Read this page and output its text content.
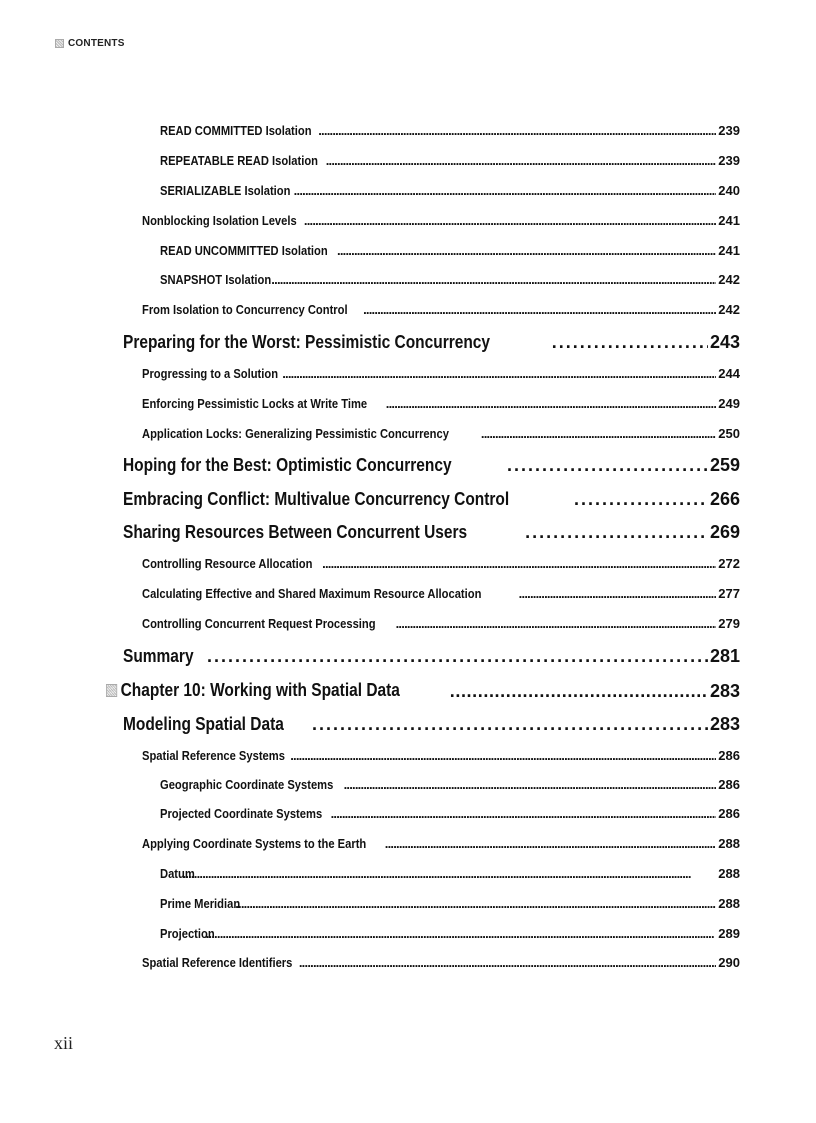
CONTENTS
READ COMMITTED Isolation . . .	239
REPEATABLE READ Isolation . . .	239
SERIALIZABLE Isolation . . .	240
Nonblocking Isolation Levels . . .	241
READ UNCOMMITTED Isolation . . .	241
SNAPSHOT Isolation . . .	242
From Isolation to Concurrency Control . . .	242
Preparing for the Worst: Pessimistic Concurrency . . .	243
Progressing to a Solution . . .	244
Enforcing Pessimistic Locks at Write Time . . .	249
Application Locks: Generalizing Pessimistic Concurrency . . .	250
Hoping for the Best: Optimistic Concurrency . . .	259
Embracing Conflict: Multivalue Concurrency Control . . .	266
Sharing Resources Between Concurrent Users . . .	269
Controlling Resource Allocation . . .	272
Calculating Effective and Shared Maximum Resource Allocation . . .	277
Controlling Concurrent Request Processing . . .	279
Summary . . .	281
Chapter 10: Working with Spatial Data . . .	283
Modeling Spatial Data . . .	283
Spatial Reference Systems . . .	286
Geographic Coordinate Systems . . .	286
Projected Coordinate Systems . . .	286
Applying Coordinate Systems to the Earth . . .	288
Datum . . .	288
Prime Meridian . . .	288
Projection . . .	289
Spatial Reference Identifiers . . .	290
xii
